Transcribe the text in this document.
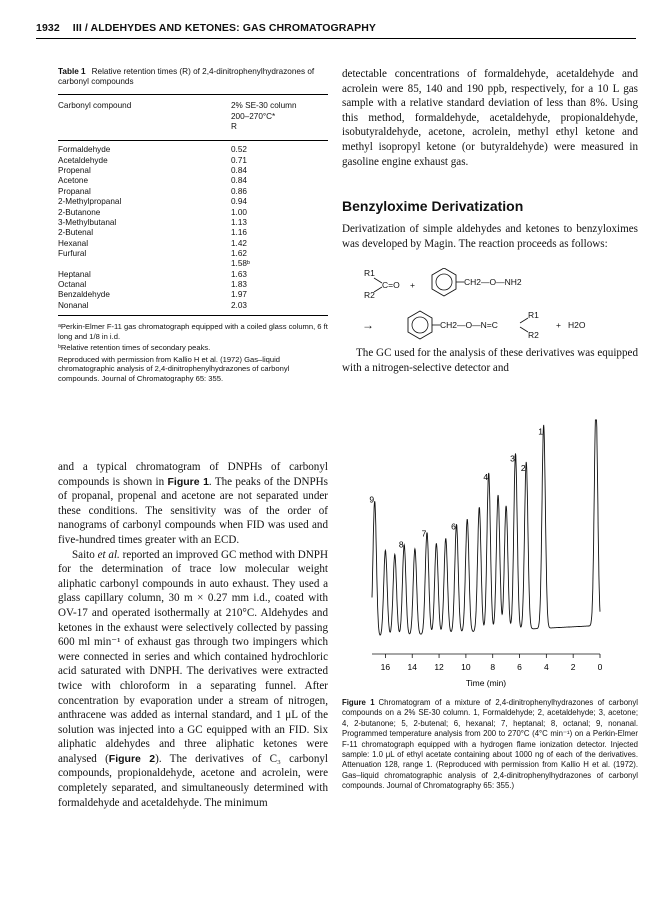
1932 III / ALDEHYDES AND KETONES: GAS CHROMATOGRAPHY
Table 1 Relative retention times (R) of 2,4-dinitrophenylhydrazones of carbonyl compounds
Carbonyl compound	2% SE-30 column
200–270°C*
R
Formaldehyde	0.52
Acetaldehyde	0.71
Propenal	0.84
Acetone	0.84
Propanal	0.86
2-Methylpropanal	0.94
2-Butanone	1.00
3-Methylbutanal	1.13
2-Butenal	1.16
Hexanal	1.42
Furfural	1.62
	1.58ᵇ
Heptanal	1.63
Octanal	1.83
Benzaldehyde	1.97
Nonanal	2.03

ᵃPerkin-Elmer F-11 gas chromatograph equipped with a coiled glass column, 6 ft long and 1/8 in i.d.

ᵇRelative retention times of secondary peaks.

Reproduced with permission from Kallio H et al. (1972) Gas–liquid chromatographic analysis of 2,4-dinitrophenylhydrazones of carbonyl compounds. Journal of Chromatography 65: 355.

detectable concentrations of formaldehyde, acetaldehyde and acrolein were 85, 140 and 190 ppb, respectively, for a 10 L gas sample with a relative standard deviation of less than 8%. Using this method, formaldehyde, acetaldehyde, propionaldehyde, isobutyraldehyde, acetone, acrolein, methyl ethyl ketone and methyl isopropyl ketone (or butyraldehyde) were measured in gasoline engine exhaust gas.
Benzyloxime Derivatization
Derivatization of simple aldehydes and ketones to benzyloximes was developed by Magin. The reaction proceeds as follows:
R1
R2
C=O +	CH2—O—NH2
→	CH2—O—N=C
R1
R2
+ H2O
The GC used for the analysis of these derivatives was equipped with a nitrogen-selective detector and

and a typical chromatogram of DNPHs of carbonyl compounds is shown in Figure 1. The peaks of the DNPHs of propanal, propenal and acetone are not separated under these conditions. The sensitivity was of the order of nanograms of carbonyl compounds when FID was used and five-hundred times greater with an ECD.

Saito et al. reported an improved GC method with DNPH for the determination of trace low molecular weight aliphatic carbonyl compounds in auto exhaust. They used a glass capillary column, 30 m × 0.27 mm i.d., coated with OV-17 and operated isothermally at 210°C. Aldehydes and ketones in the exhaust were selectively collected by passing 600 ml min⁻¹ of exhaust gas through two impingers which were connected in series and which contained hydrochloric acid saturated with DNPH. The derivatives were extracted twice with chloroform in a separating funnel. After concentration by evaporation under a stream of nitrogen, anthracene was added as internal standard, and 1 μL of the solution was injected into a GC equipped with an FID. Six aliphatic aldehydes and three aliphatic ketones were analysed (Figure 2). The derivatives of C₃ carbonyl compounds, propionaldehyde, acetone and acrolein, were completely separated, and simultaneously determined with formaldehyde and acetaldehyde. The minimum

9
8
7
6
4
3
2
1
16 14 12 10 8	6	4	2	0
Time (min)
Figure 1 Chromatogram of a mixture of 2,4-dinitrophenylhydrazones of carbonyl compounds on a 2% SE-30 column. 1, Formaldehyde; 2, acetaldehyde; 3, acetone; 4, 2-butanone; 5, 2-butenal; 6, hexanal; 7, heptanal; 8, octanal; 9, nonanal. Programmed temperature analysis from 200 to 270°C (4°C min⁻¹) on a Perkin-Elmer F-11 chromatograph equipped with a hydrogen flame ionization detector. Injected sample: 1.0 μL of ethyl acetate containing about 1000 ng of each of the derivatives. Attenuation 128, range 1. (Reproduced with permission from Kallio H et al. (1972). Gas–liquid chromatographic analysis of 2,4-dinitrophenylhydrazones of carbonyl compounds. Journal of Chromatography 65: 355.)
